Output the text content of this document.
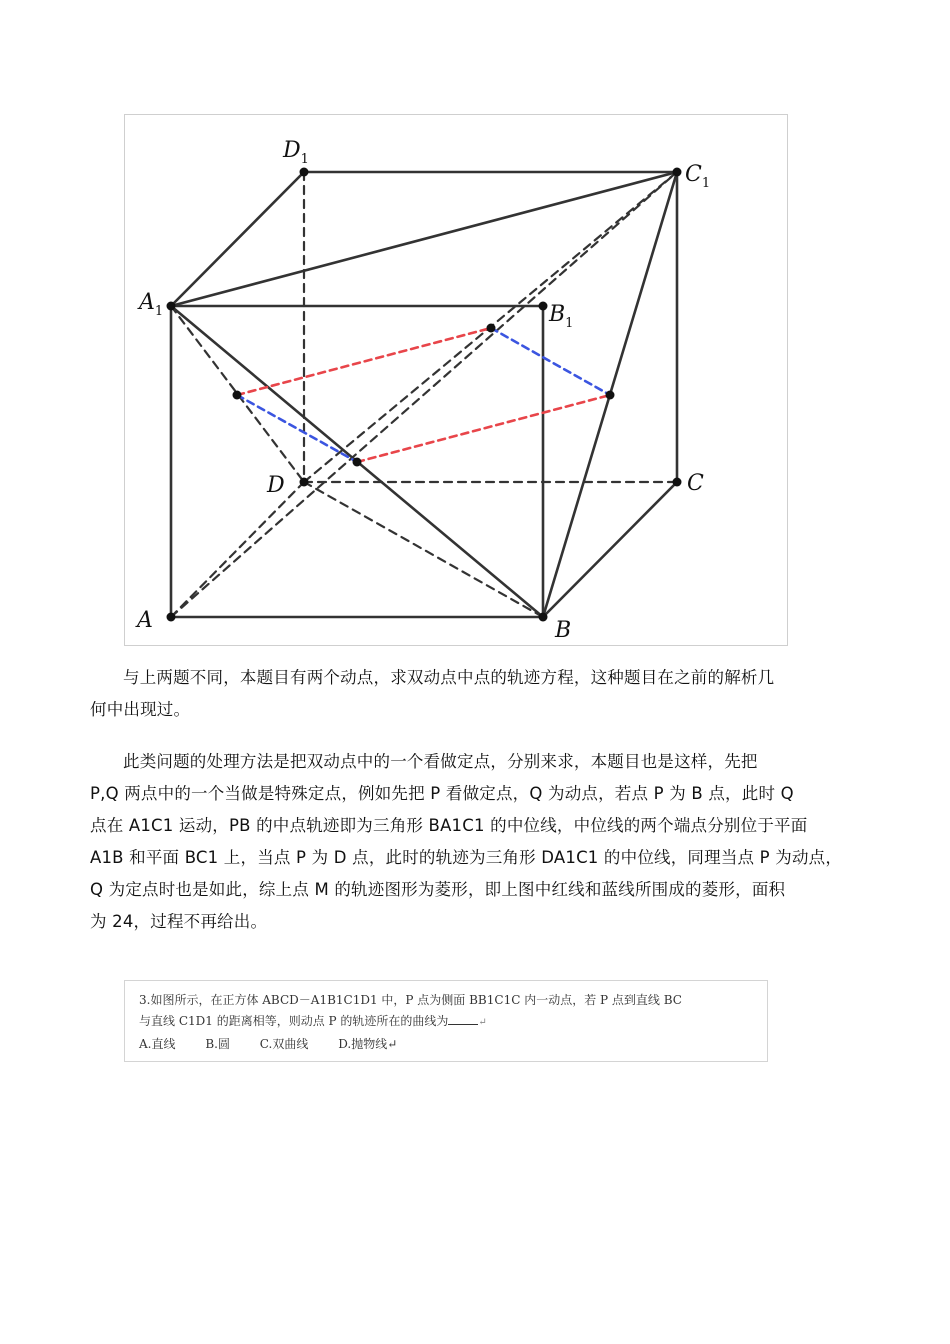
$D_1$
$C_1$
$A_1$	$B_1$
D	C
A	B
与上两题不同，本题目有两个动点，求双动点中点的轨迹方程，这种题目在之前的解析几
何中出现过。
此类问题的处理方法是把双动点中的一个看做定点，分别来求，本题目也是这样，先把
P,Q 两点中的一个当做是特殊定点，例如先把 P 看做定点，Q 为动点，若点 P 为 B 点，此时 Q
点在 A1C1 运动，PB 的中点轨迹即为三角形 BA1C1 的中位线，中位线的两个端点分别位于平面
A1B 和平面 BC1 上，当点 P 为 D 点，此时的轨迹为三角形 DA1C1 的中位线，同理当点 P 为动点，
Q 为定点时也是如此，综上点 M 的轨迹图形为菱形，即上图中红线和蓝线所围成的菱形，面积
为 24，过程不再给出。
3.如图所示，在正方体 ABCD－A1B1C1D1 中，P 点为侧面 BB1C1C 内一动点，若 P 点到直线 BC
与直线 C1D1 的距离相等，则动点 P 的轨迹所在的曲线为	↵
A.直线 B.圆 C.双曲线 D.抛物线↵
